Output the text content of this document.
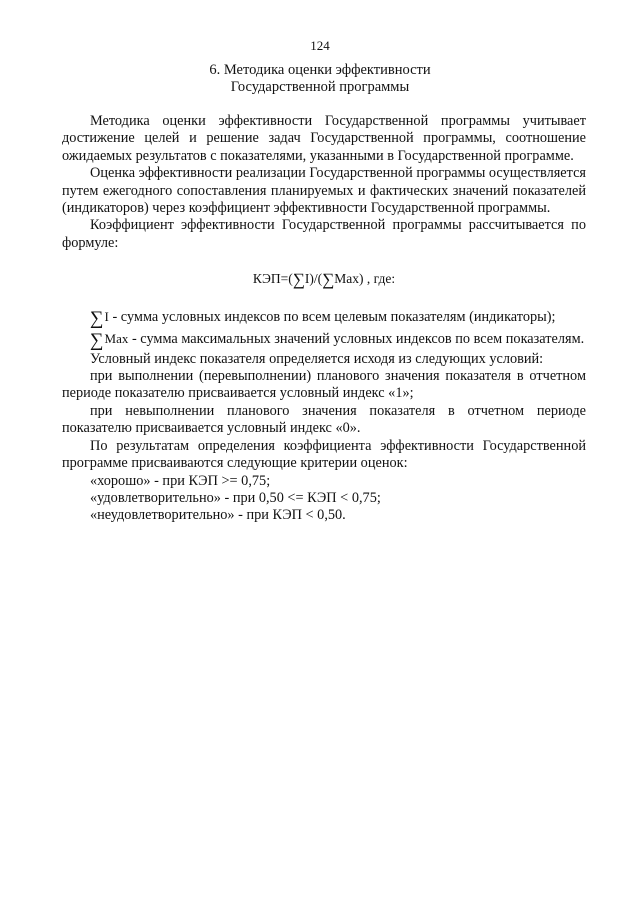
124
6. Методика оценки эффективности
Государственной программы

Методика оценки эффективности Государственной программы учитывает достижение целей и решение задач Государственной программы, соотношение ожидаемых результатов с показателями, указанными в Государственной программе.

Оценка эффективности реализации Государственной программы осуществляется путем ежегодного сопоставления планируемых и фактических значений показателей (индикаторов) через коэффициент эффективности Государственной программы.

Коэффициент эффективности Государственной программы рассчитывается по формуле:

КЭП=(∑I)/(∑Max) , где:

∑I - сумма условных индексов по всем целевым показателям (индикаторы);

∑Max - сумма максимальных значений условных индексов по всем показателям.

Условный индекс показателя определяется исходя из следующих условий:

при выполнении (перевыполнении) планового значения показателя в отчетном периоде показателю присваивается условный индекс «1»;

при невыполнении планового значения показателя в отчетном периоде показателю присваивается условный индекс «0».

По результатам определения коэффициента эффективности Государственной программе присваиваются следующие критерии оценок:

«хорошо» - при КЭП >= 0,75;

«удовлетворительно» - при 0,50 <= КЭП < 0,75;

«неудовлетворительно» - при КЭП < 0,50.
